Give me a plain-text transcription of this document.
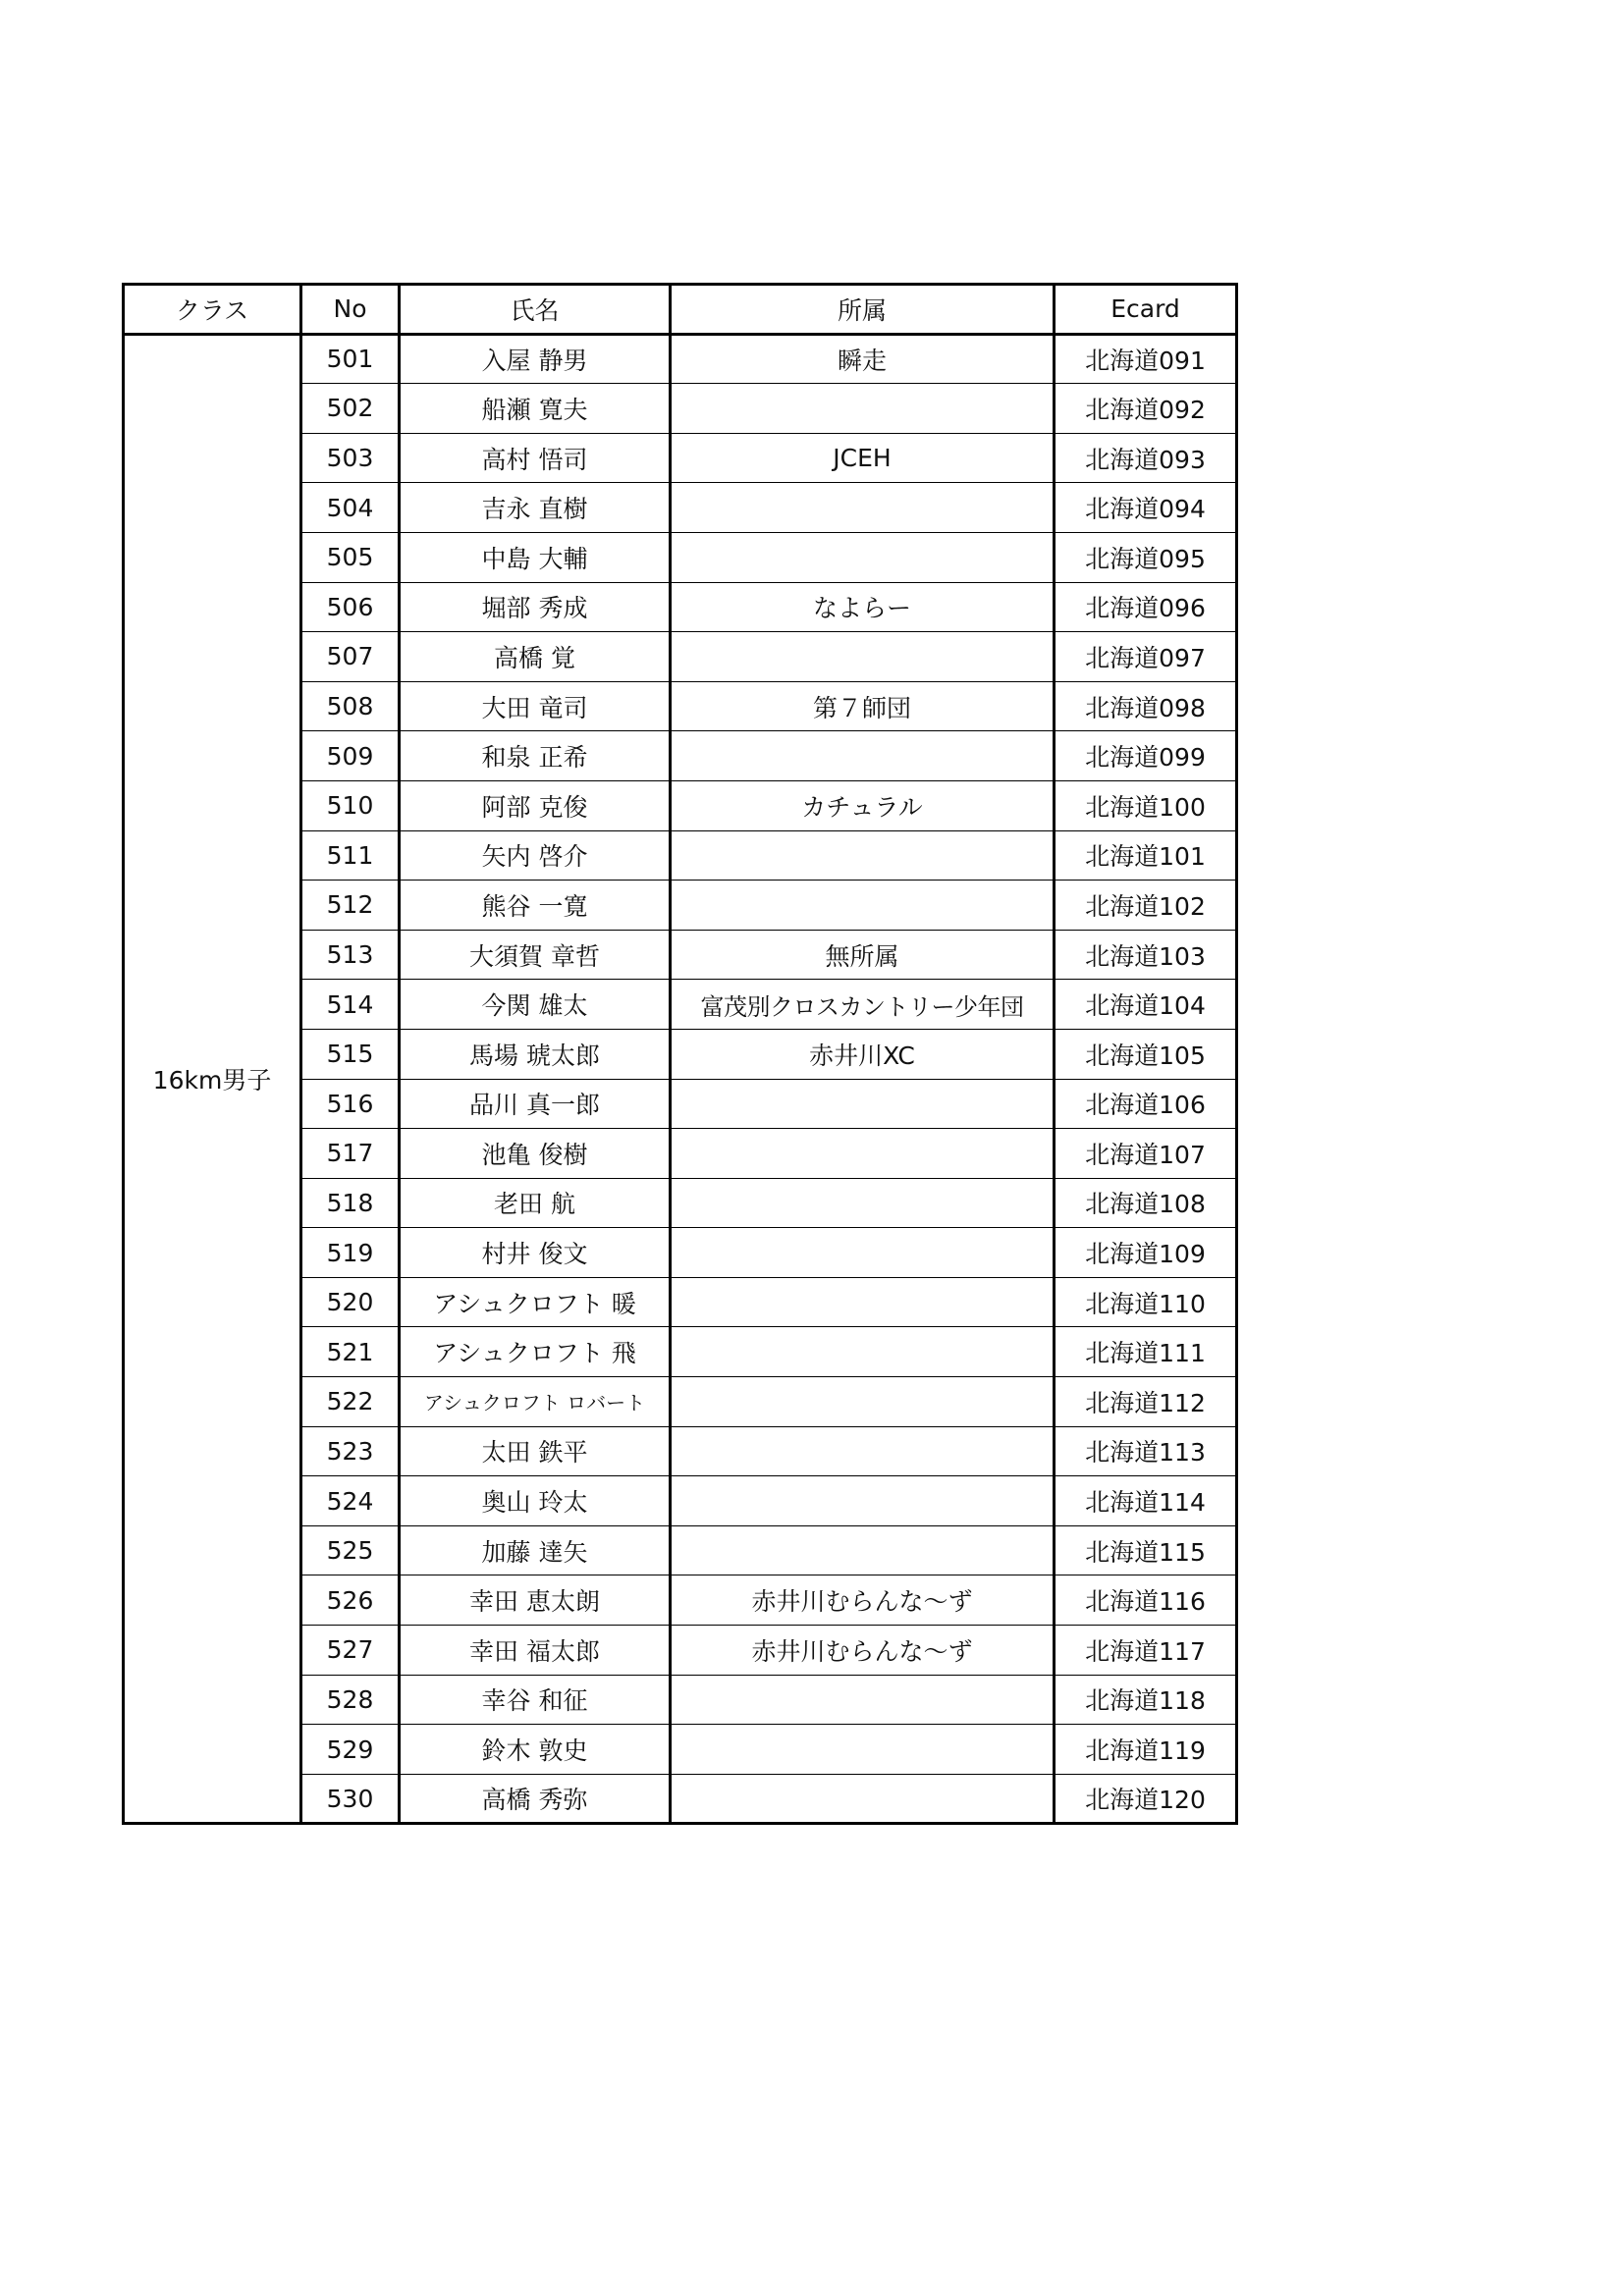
クラス	No	氏名	所属	Ecard
16km男子	501	入屋 静男	瞬走	北海道091
	502	船瀬 寛夫		北海道092
	503	高村 悟司	JCEH	北海道093
	504	吉永 直樹		北海道094
	505	中島 大輔		北海道095
	506	堀部 秀成	なよらー	北海道096
	507	高橋 覚		北海道097
	508	大田 竜司	第７師団	北海道098
	509	和泉 正希		北海道099
	510	阿部 克俊	カチュラル	北海道100
	511	矢内 啓介		北海道101
	512	熊谷 一寛		北海道102
	513	大須賀 章哲	無所属	北海道103
	514	今関 雄太	富茂別クロスカントリー少年団	北海道104
	515	馬場 琥太郎	赤井川XC	北海道105
	516	品川 真一郎		北海道106
	517	池亀 俊樹		北海道107
	518	老田 航		北海道108
	519	村井 俊文		北海道109
	520	アシュクロフト 暖		北海道110
	521	アシュクロフト 飛		北海道111
	522	アシュクロフト ロバート		北海道112
	523	太田 鉄平		北海道113
	524	奥山 玲太		北海道114
	525	加藤 達矢		北海道115
	526	幸田 恵太朗	赤井川むらんな〜ず	北海道116
	527	幸田 福太郎	赤井川むらんな〜ず	北海道117
	528	幸谷 和征		北海道118
	529	鈴木 敦史		北海道119
	530	高橋 秀弥		北海道120
